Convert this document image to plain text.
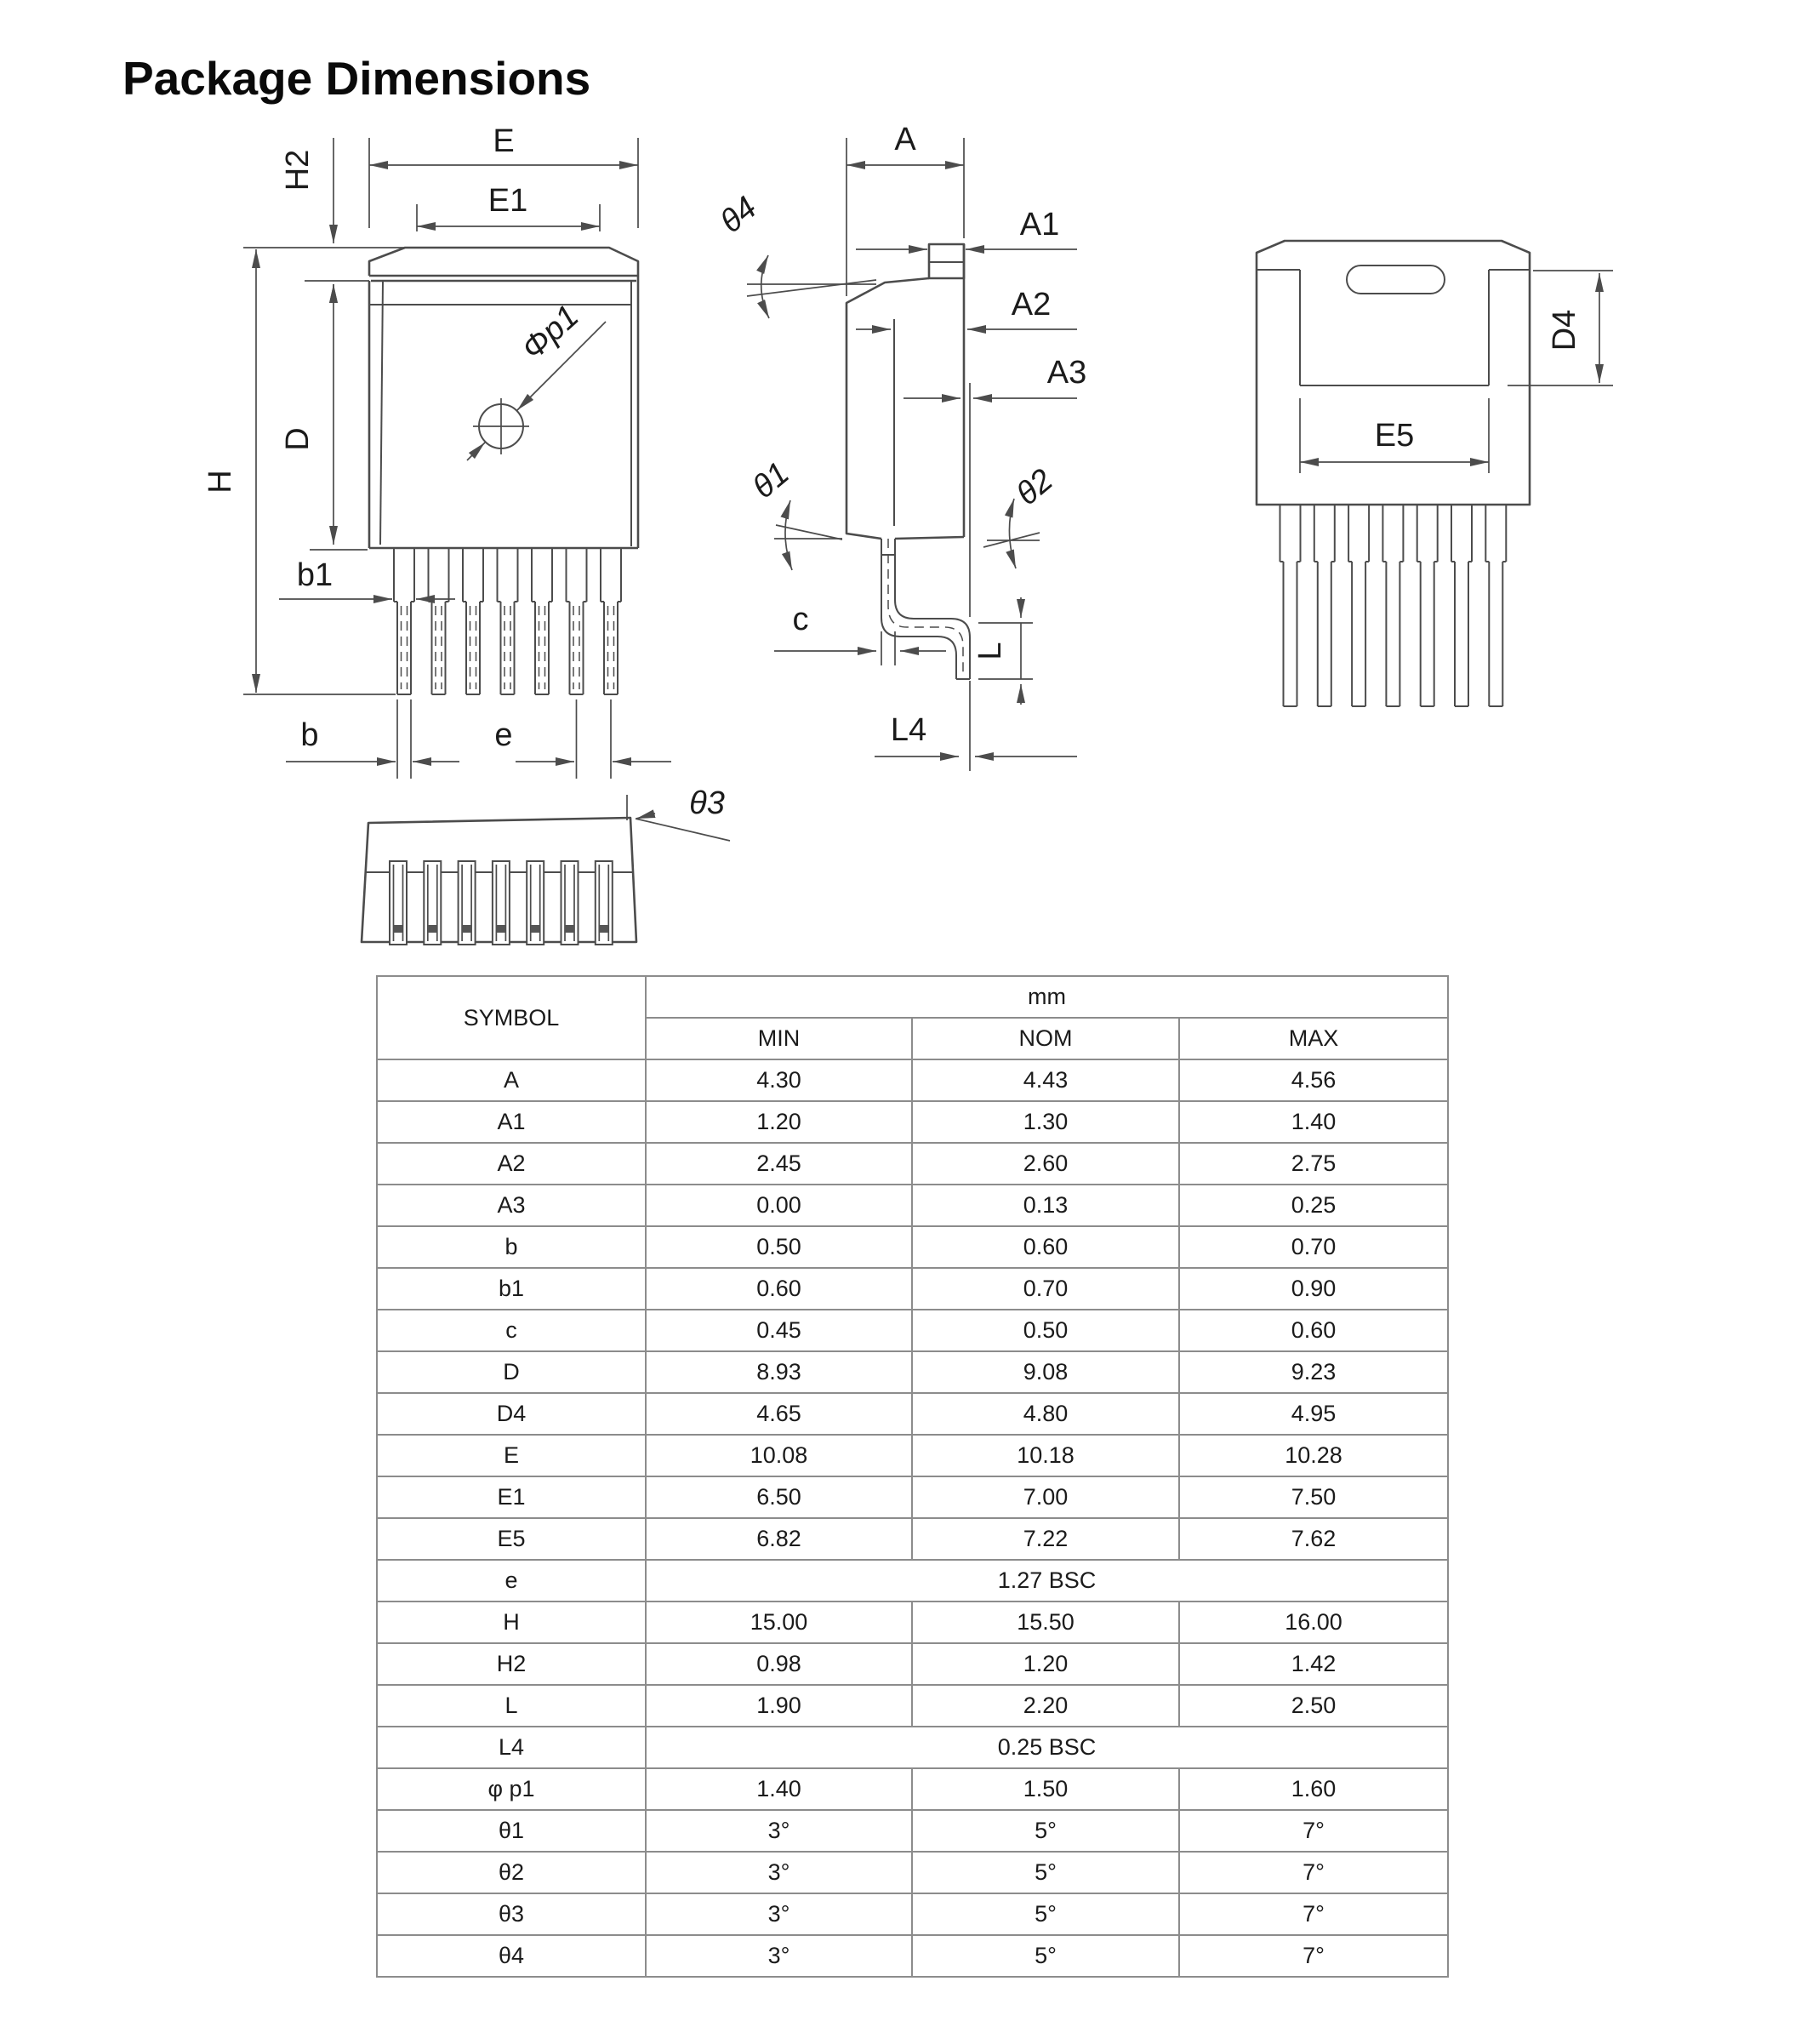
Package Dimensions
Φp1
E
E1
H2
D
H
b1
b	e
A
A1
A2
A3
θ4
θ1	θ2
c
L
L4
E5
D4
θ3
SYMBOL	mm		
	MIN	NOM	MAX
A	4.30	4.43	4.56
A1	1.20	1.30	1.40
A2	2.45	2.60	2.75
A3	0.00	0.13	0.25
b	0.50	0.60	0.70
b1	0.60	0.70	0.90
c	0.45	0.50	0.60
D	8.93	9.08	9.23
D4	4.65	4.80	4.95
E	10.08	10.18	10.28
E1	6.50	7.00	7.50
E5	6.82	7.22	7.62
e	1.27 BSC		
H	15.00	15.50	16.00
H2	0.98	1.20	1.42
L	1.90	2.20	2.50
L4	0.25 BSC		
φ p1	1.40	1.50	1.60
θ1	3°	5°	7°
θ2	3°	5°	7°
θ3	3°	5°	7°
θ4	3°	5°	7°
